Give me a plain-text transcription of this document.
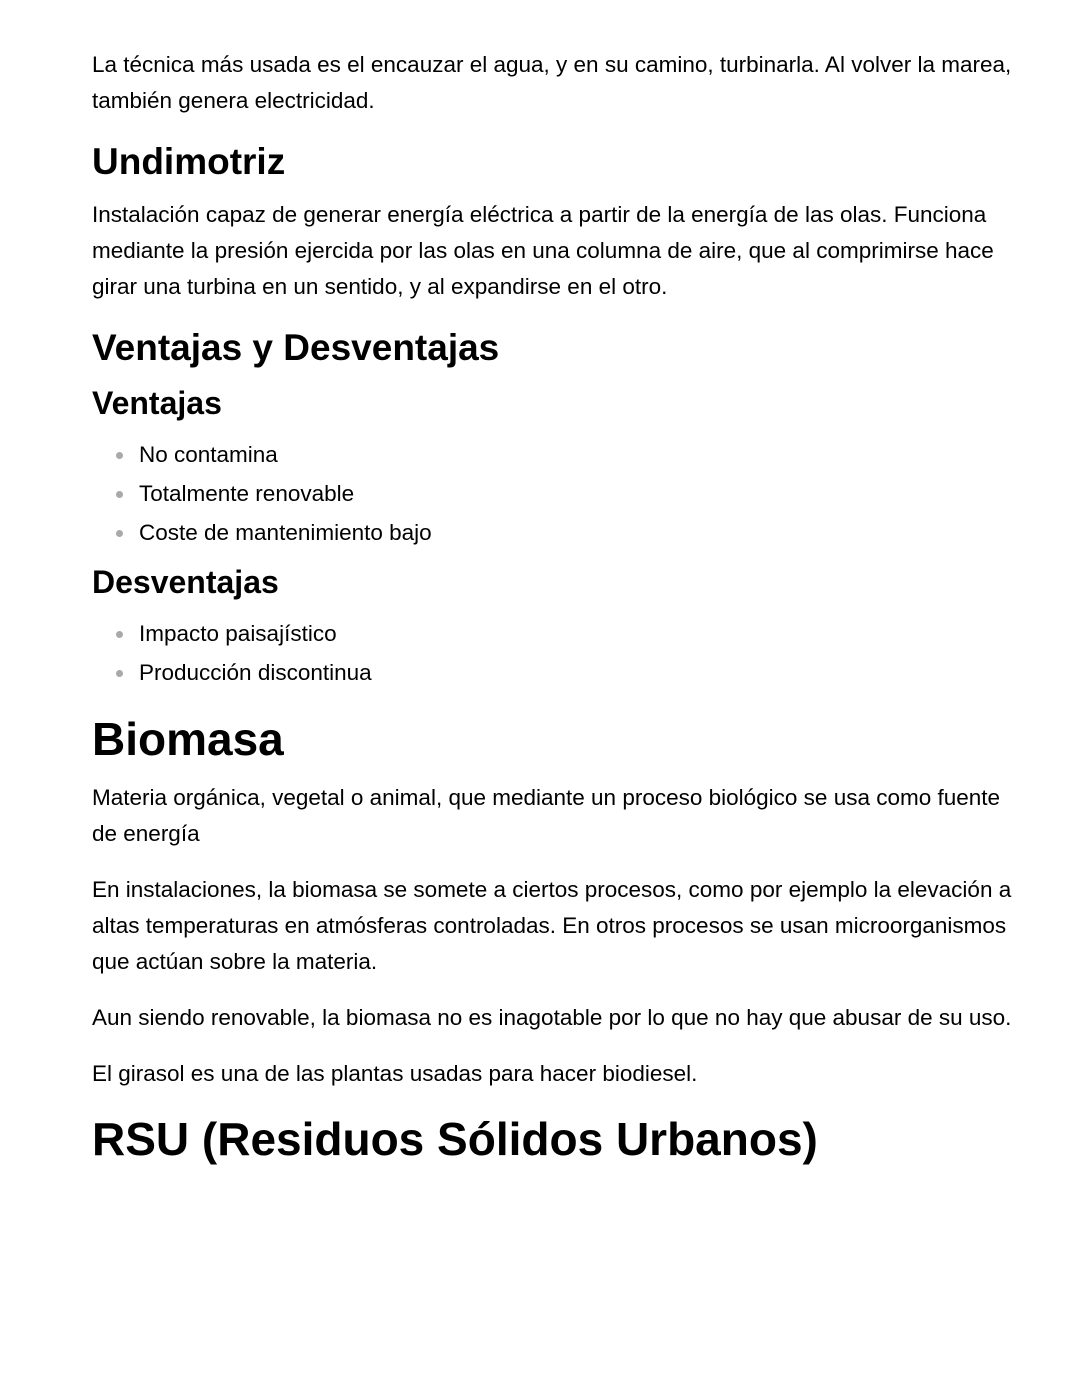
La técnica más usada es el encauzar el agua, y en su camino, turbinarla. Al volver la marea, también genera electricidad.

Undimotriz

Instalación capaz de generar energía eléctrica a partir de la energía de las olas. Funciona mediante la presión ejercida por las olas en una columna de aire, que al comprimirse hace girar una turbina en un sentido, y al expandirse en el otro.

Ventajas y Desventajas
Ventajas
No contamina
Totalmente renovable
Coste de mantenimiento bajo
Desventajas
Impacto paisajístico
Producción discontinua
Biomasa

Materia orgánica, vegetal o animal, que mediante un proceso biológico se usa como fuente de energía

En instalaciones, la biomasa se somete a ciertos procesos, como por ejemplo la elevación a altas temperaturas en atmósferas controladas. En otros procesos se usan microorganismos que actúan sobre la materia.

Aun siendo renovable, la biomasa no es inagotable por lo que no hay que abusar de su uso.

El girasol es una de las plantas usadas para hacer biodiesel.

RSU (Residuos Sólidos Urbanos)
